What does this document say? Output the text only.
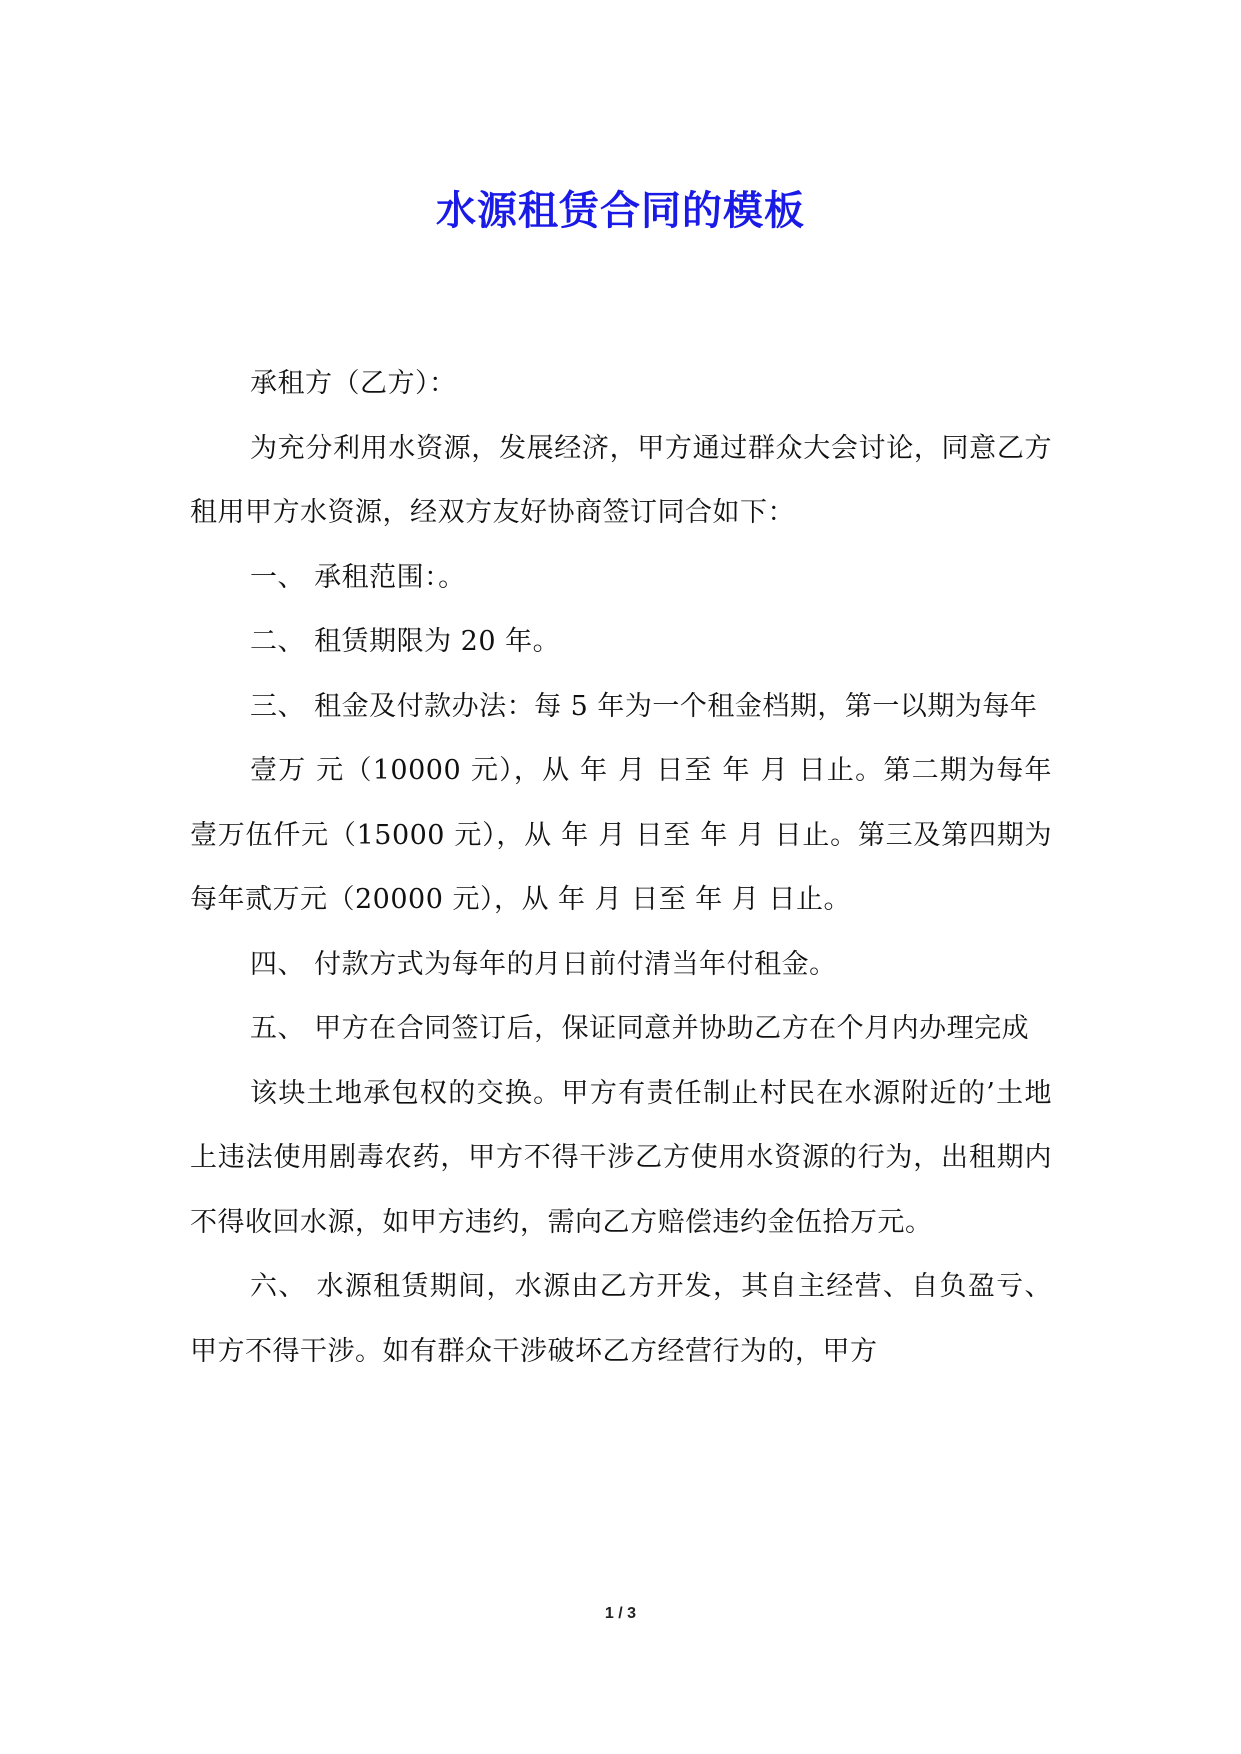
水源租赁合同的模板

承租方（乙方）：

为充分利用水资源，发展经济，甲方通过群众大会讨论，同意乙方租用甲方水资源，经双方友好协商签订同合如下：

一、 承租范围：。

二、 租赁期限为 20 年。

三、 租金及付款办法：每 5 年为一个租金档期，第一以期为每年

壹万 元（10000 元），从 年 月 日至 年 月 日止。第二期为每年壹万伍仟元（15000 元），从 年 月 日至 年 月 日止。第三及第四期为每年贰万元（20000 元），从 年 月 日至 年 月 日止。

四、 付款方式为每年的月日前付清当年付租金。

五、 甲方在合同签订后，保证同意并协助乙方在个月内办理完成

该块土地承包权的交换。甲方有责任制止村民在水源附近的’土地上违法使用剧毒农药，甲方不得干涉乙方使用水资源的行为，出租期内不得收回水源，如甲方违约，需向乙方赔偿违约金伍拾万元。

六、 水源租赁期间，水源由乙方开发，其自主经营、自负盈亏、甲方不得干涉。如有群众干涉破坏乙方经营行为的，甲方

1 / 3
